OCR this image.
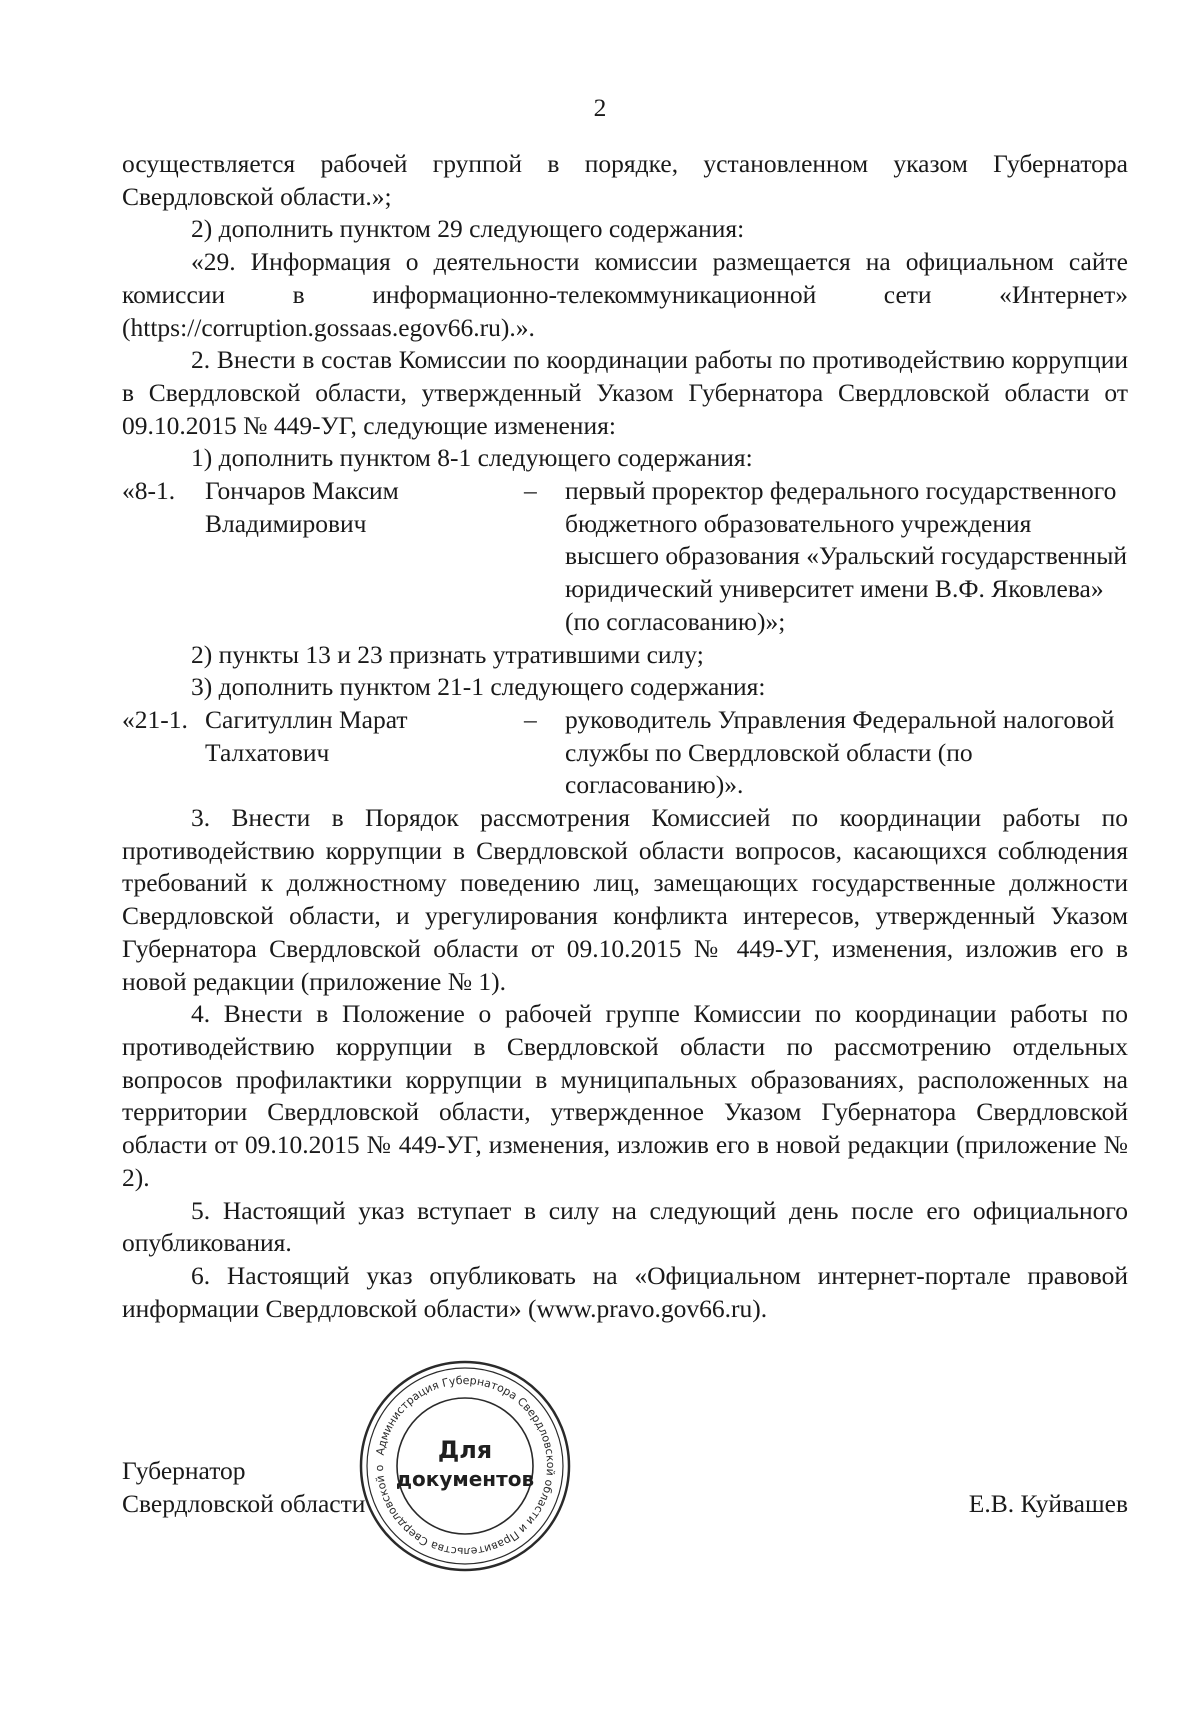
2

осуществляется рабочей группой в порядке, установленном указом Губернатора Свердловской области.»;

2) дополнить пунктом 29 следующего содержания:

«29. Информация о деятельности комиссии размещается на официальном сайте комиссии в информационно-телекоммуникационной сети «Интернет» (https://corruption.gossaas.egov66.ru).».

2. Внести в состав Комиссии по координации работы по противодействию коррупции в Свердловской области, утвержденный Указом Губернатора Свердловской области от 09.10.2015 № 449-УГ, следующие изменения:

1) дополнить пунктом 8-1 следующего содержания:

«8-1. Гончаров Максим Владимирович
– первый проректор федерального государственного бюджетного образовательного учреждения высшего образования «Уральский государственный юридический университет имени В.Ф. Яковлева» (по согласованию)»;

2) пункты 13 и 23 признать утратившими силу;

3) дополнить пунктом 21-1 следующего содержания:

«21-1. Сагитуллин Марат Талхатович
– руководитель Управления Федеральной налоговой службы по Свердловской области (по согласованию)».

3. Внести в Порядок рассмотрения Комиссией по координации работы по противодействию коррупции в Свердловской области вопросов, касающихся соблюдения требований к должностному поведению лиц, замещающих государственные должности Свердловской области, и урегулирования конфликта интересов, утвержденный Указом Губернатора Свердловской области от 09.10.2015 № 449-УГ, изменения, изложив его в новой редакции (приложение № 1).

4. Внести в Положение о рабочей группе Комиссии по координации работы по противодействию коррупции в Свердловской области по рассмотрению отдельных вопросов профилактики коррупции в муниципальных образованиях, расположенных на территории Свердловской области, утвержденное Указом Губернатора Свердловской области от 09.10.2015 № 449-УГ, изменения, изложив его в новой редакции (приложение № 2).

5. Настоящий указ вступает в силу на следующий день после его официального опубликования.

6. Настоящий указ опубликовать на «Официальном интернет-портале правовой информации Свердловской области» (www.pravo.gov66.ru).

Губернатор
Свердловской области	Е.В. Куйвашев
Администрация Губернатора Свердловской области и Правительства Свердловской о
Для
документов
